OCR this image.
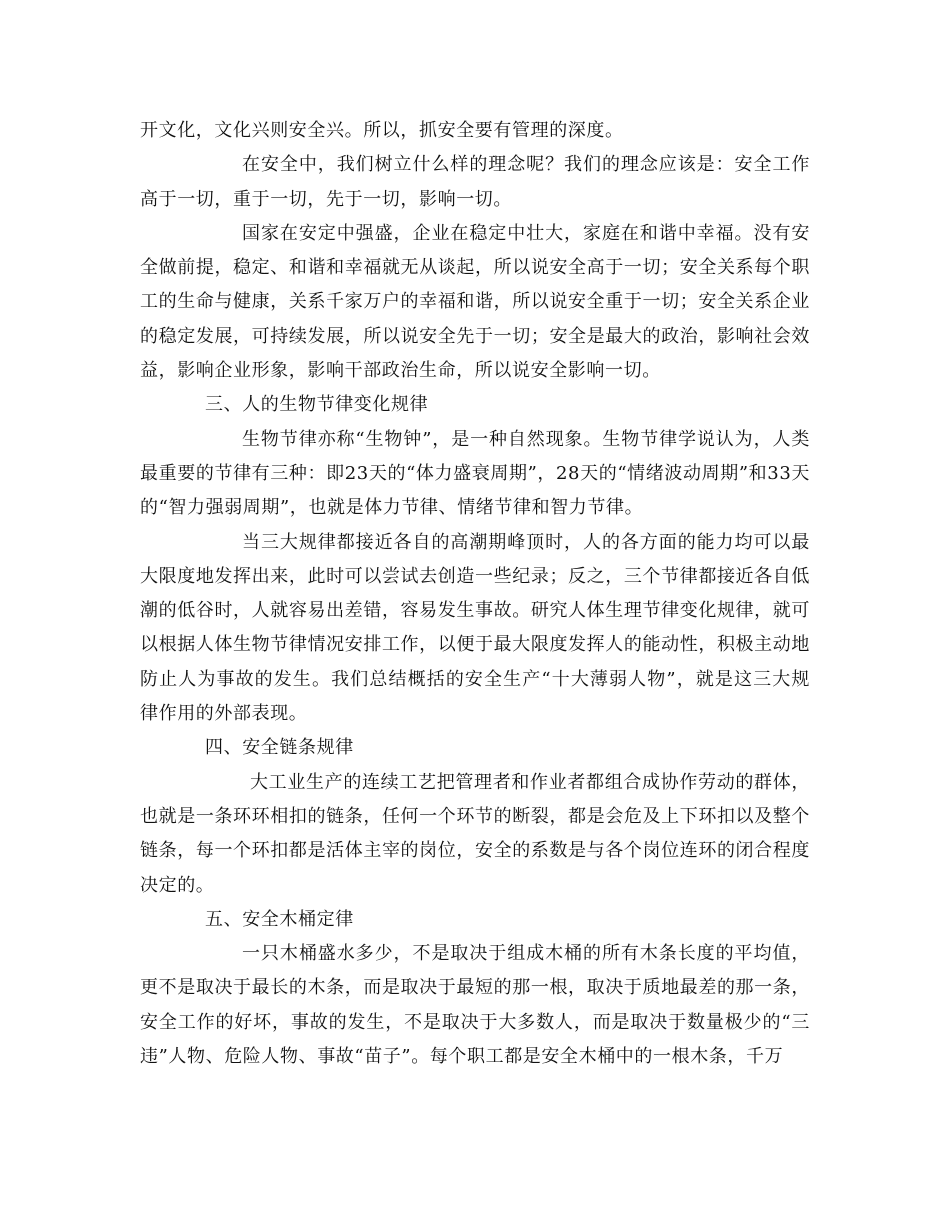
开文化，文化兴则安全兴。所以，抓安全要有管理的深度。

在安全中，我们树立什么样的理念呢？我们的理念应该是：安全工作高于一切，重于一切，先于一切，影响一切。

国家在安定中强盛，企业在稳定中壮大，家庭在和谐中幸福。没有安全做前提，稳定、和谐和幸福就无从谈起，所以说安全高于一切；安全关系每个职工的生命与健康，关系千家万户的幸福和谐，所以说安全重于一切；安全关系企业的稳定发展，可持续发展，所以说安全先于一切；安全是最大的政治，影响社会效益，影响企业形象，影响干部政治生命，所以说安全影响一切。

三、人的生物节律变化规律

生物节律亦称“生物钟”，是一种自然现象。生物节律学说认为，人类最重要的节律有三种：即23天的“体力盛衰周期”，28天的“情绪波动周期”和33天的“智力强弱周期”，也就是体力节律、情绪节律和智力节律。

当三大规律都接近各自的高潮期峰顶时，人的各方面的能力均可以最大限度地发挥出来，此时可以尝试去创造一些纪录；反之，三个节律都接近各自低潮的低谷时，人就容易出差错，容易发生事故。研究人体生理节律变化规律，就可以根据人体生物节律情况安排工作，以便于最大限度发挥人的能动性，积极主动地防止人为事故的发生。我们总结概括的安全生产“十大薄弱人物”，就是这三大规律作用的外部表现。

四、安全链条规律

大工业生产的连续工艺把管理者和作业者都组合成协作劳动的群体，也就是一条环环相扣的链条，任何一个环节的断裂，都是会危及上下环扣以及整个链条，每一个环扣都是活体主宰的岗位，安全的系数是与各个岗位连环的闭合程度决定的。

五、安全木桶定律

一只木桶盛水多少，不是取决于组成木桶的所有木条长度的平均值，更不是取决于最长的木条，而是取决于最短的那一根，取决于质地最差的那一条，安全工作的好坏，事故的发生，不是取决于大多数人，而是取决于数量极少的“三违”人物、危险人物、事故“苗子”。每个职工都是安全木桶中的一根木条，千万
